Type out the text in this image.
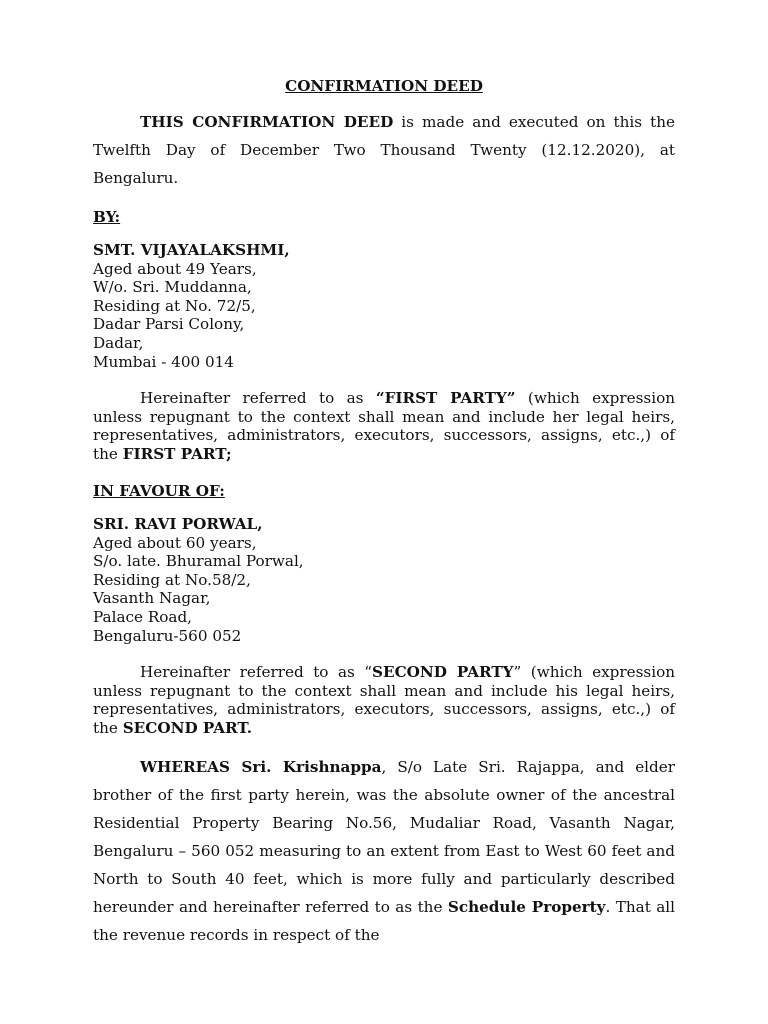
CONFIRMATION DEED

THIS CONFIRMATION DEED is made and executed on this the Twelfth Day of December Two Thousand Twenty (12.12.2020), at Bengaluru.

BY:
SMT. VIJAYALAKSHMI,
Aged about 49 Years,
W/o. Sri. Muddanna,
Residing at No. 72/5,
Dadar Parsi Colony,
Dadar,
Mumbai - 400 014

Hereinafter referred to as “FIRST PARTY” (which expression unless repugnant to the context shall mean and include her legal heirs, representatives, administrators, executors, successors, assigns, etc.,) of the FIRST PART;

IN FAVOUR OF:
SRI. RAVI PORWAL,
Aged about 60 years,
S/o. late. Bhuramal Porwal,
Residing at No.58/2,
Vasanth Nagar,
Palace Road,
Bengaluru-560 052

Hereinafter referred to as “SECOND PARTY” (which expression unless repugnant to the context shall mean and include his legal heirs, representatives, administrators, executors, successors, assigns, etc.,) of the SECOND PART.

WHEREAS Sri. Krishnappa, S/o Late Sri. Rajappa, and elder brother of the first party herein, was the absolute owner of the ancestral Residential Property Bearing No.56, Mudaliar Road, Vasanth Nagar, Bengaluru – 560 052 measuring to an extent from East to West 60 feet and North to South 40 feet, which is more fully and particularly described hereunder and hereinafter referred to as the Schedule Property. That all the revenue records in respect of the
